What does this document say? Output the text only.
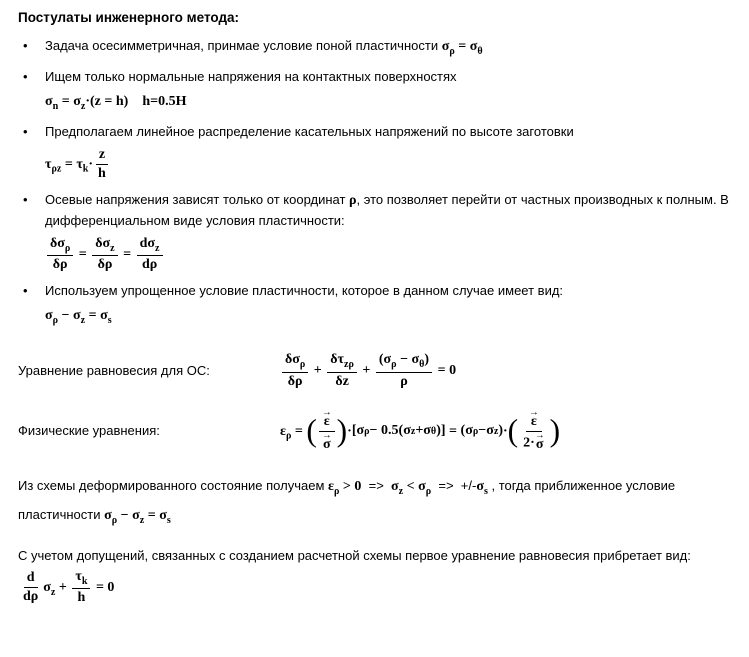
Постулаты инженерного метода:
• Задача осесимметричная, принмае условие поной пластичности $\sigma_\rho = \sigma_\theta$
• Ищем только нормальные напряжения на контактных поверхностях
$\sigma_n = \sigma_z\cdot(z = h)$    h=0.5H
• Предполагаем линейное распределение касательных напряжений по высоте заготовки
$\tau_{\rho z} = \tau_k\cdot \frac{z}{h}$
• Осевые напряжения зависят только от координат ρ, это позволяет перейти от частных производных к полным. В дифференциальном виде условия пластичности:
$\frac{\delta\sigma_\rho}{\delta\rho} = \frac{\delta\sigma_z}{\delta\rho} = \frac{d\sigma_z}{d\rho}$
• Используем упрощенное условие пластичности, которое в данном случае имеет вид:
$\sigma_\rho - \sigma_z = \sigma_s$
Уравнение равновесия для ОС:	$\frac{\delta\sigma_\rho}{\delta\rho} + \frac{\delta\tau_{z\rho}}{\delta z} + \frac{(\sigma_\rho - \sigma_\theta)}{\rho} = 0$
Физические уравнения:	$\varepsilon_\rho$ = ( →
ε
→
σ ) · [ σ ρ − 0.5 ( σ z + σ θ ) ] = ( σ ρ − σ z ) · ( →
ε
2· →
σ )

Из схемы деформированного состояние получаем $\varepsilon_\rho > 0 => \sigma_z < \sigma_\rho => +/-\sigma_s$ , тогда приближенное условие пластичности $\sigma_\rho - \sigma_z = \sigma_s$

С учетом допущений, связанных с созданием расчетной схемы первое уравнение равновесия прибретает вид:
$\frac{d}{d\rho} \sigma_z + \frac{\tau_k}{h} = 0$
